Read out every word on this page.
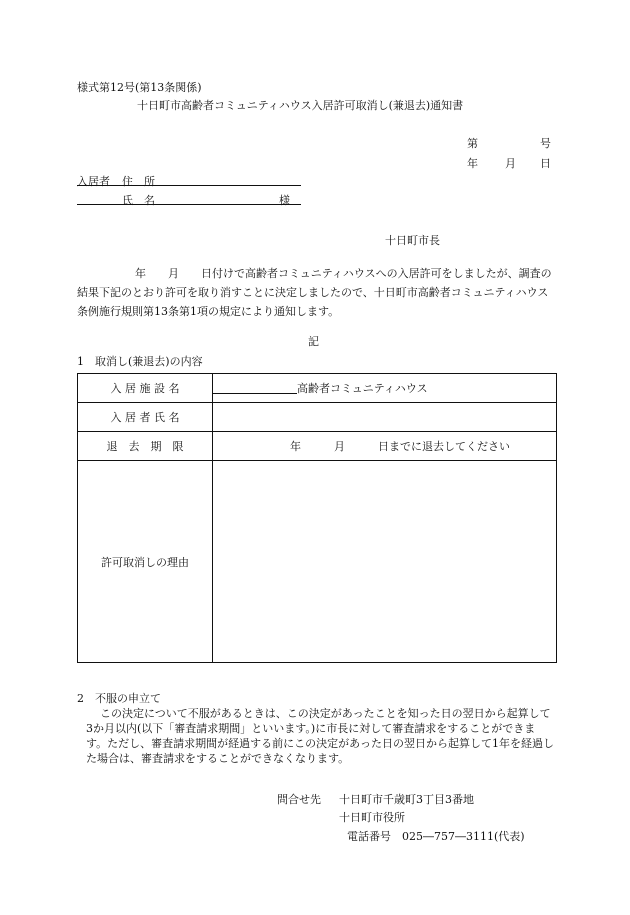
様式第12号(第13条関係)
十日町市高齢者コミュニティハウス入居許可取消し(兼退去)通知書
第	号
年 月 日
入居者 住　所
氏　名	様
十日町市長
年　　月　　日付けで高齢者コミュニティハウスへの入居許可をしましたが、調査の結果下記のとおり許可を取り消すことに決定しましたので、十日町市高齢者コミュニティハウス条例施行規則第13条第1項の規定により通知します。
記
1　取消し(兼退去)の内容
入 居 施 設 名	高齢者コミュニティハウス
入 居 者 氏 名	
退　去　期　限	年　　　月　　　日までに退去してください
許可取消しの理由	
2　不服の申立て
この決定について不服があるときは、この決定があったことを知った日の翌日から起算して3か月以内(以下「審査請求期間」といいます。)に市長に対して審査請求をすることができます。ただし、審査請求期間が経過する前にこの決定があった日の翌日から起算して1年を経過した場合は、審査請求をすることができなくなります。
問合せ先 十日町市千歳町3丁目3番地
十日町市役所
電話番号　025―757―3111(代表)
